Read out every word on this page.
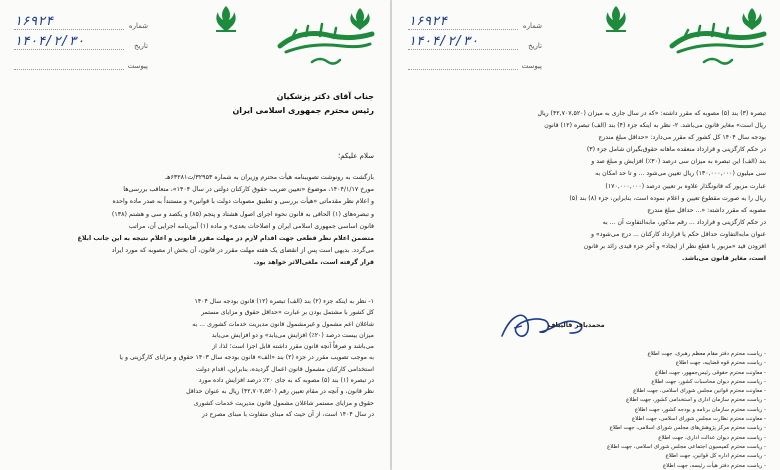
شماره
۱۶۹۲۴
تاریخ
۱۴۰۴/۲/۳۰
پیوست
جناب آقای دکتر پزشکیان
رئیس محترم جمهوری اسلامی ایران
سلام علیکم؛
بازگشت به رونوشت تصویبنامه هیأت محترم وزیران به شماره ۳۲۹۵۳/ت۶۳۲۸۱هـ
مورخ ۱۴۰۴/۱/۱۷، موضوع «تعیین ضریب حقوق کارکنان دولتی در سال ۱۴۰۴»، متعاقب بررسی‌ها
و اعلام نظر مقدماتی «هیأت بررسی و تطبیق مصوبات دولت با قوانین» و مستنداً به صدر ماده واحده
و تبصره‌های (۱) الحاقی به قانون نحوه اجرای اصول هشتاد و پنجم (۸۵) و یکصد و سی و هشتم (۱۳۸)
قانون اساسی جمهوری اسلامی ایران و اصلاحات بعدی» و ماده (۱) آیین‌نامه اجرایی آن، مراتب
متضمن اعلام نظر قطعی جهت اقدام لازم در مهلت مقرر قانونی و اعلام نتیجه به این جانب ابلاغ
می‌گردد. بدیهی است پس از انقضای یک هفته مهلت مقرر در قانون، آن بخش از مصوبه که مورد ایراد
قرار گرفته است، ملغی‌الاثر خواهد بود.
۱- نظر به اینکه جزء (۲) بند (الف) تبصره (۱۲) قانون بودجه سال ۱۴۰۴
کل کشور با مشتمل بودن بر عبارت «حداقل حقوق و مزایای مستمر
شاغلان اعم مشمول و غیرمشمول قانون مدیریت خدمات کشوری ... به
میزان بیست درصد (۲۰٪) افزایش می‌یابد» و دو افزایش می‌یابد
می‌باشد و صرفاً آنچه قانون مقرر داشته قابل اجرا است؛ لذا، از
به موجب تصویب مقرر در جزء (۲) بند «الف» قانون بودجه سال ۱۴۰۳ حقوق و مزایای کارگزینی و یا
استخدامی کارکنان مشمول قانون اعمال گردیده، بنابراین، اقدام دولت
در تبصره (۱) بند (۵) مصوبه که به جای ۲۰٪ درصد افزایش داده مورد
نظر قانون، و آنچه در مقام تعیین رقم (۴۲,۷۰۷,۵۲۰) ریال به عنوان حداقل
حقوق و مزایای مستمر شاغلان مشمول قانون مدیریت خدمات کشوری
در سال ۱۴۰۴ است، از آن حیث که مبنای متفاوت با مبنای مصرح در
شماره
۱۶۹۲۴
تاریخ
۱۴۰۴/۲/۳۰
پیوست
تبصره (۳) بند (۵) مصوبه که مقرر داشته: «که در سال جاری به میزان (۴۲,۷۰۷,۵۲۰) ریال
ریال است» مغایر قانون می‌باشد. ۲- نظر به اینکه جزء (۴) بند (الف) تبصره (۱۲) قانون
بودجه سال ۱۴۰۴ کل کشور که مقرر می‌دارد: «حداقل مبلغ مندرج
در حکم کارگزینی و قرارداد منعقده ماهانه حقوق‌بگیران شامل جزء (۳)
بند (الف) این تبصره به میزان سی درصد (۳۰٪) افزایش و مبلغ صد و
سی میلیون (۱۳۰,۰۰۰,۰۰۰) ریال تعیین می‌شود ... و تا حد امکان به
عبارت مزبور که قانونگذار علاوه بر تعیین درصد (۱۷۰,۰۰۰,۰۰۰)
ریال را به صورت مقطوع تعیین و اعلام نموده است، بنابراین، جزء (۸) بند (۵)
مصوبه که مقرر داشته: «... حداقل مبلغ مندرج
در حکم کارگزینی و قرارداد ... رقم مذکور، مابه‌التفاوت آن ... به
عنوان مابه‌التفاوت حداقل حکم یا قرارداد کارکنان ... درج می‌شود» و
افزودن قید «مزبور با قطع نظر از ایجاد» و آخر جزء قیدی زائد بر قانون
است، مغایر قانون می‌باشد.
محمدباقر قالیباف
- ریاست محترم دفتر مقام معظم رهبری، جهت اطلاع
- ریاست محترم قوه قضاییه، جهت اطلاع
- معاونت محترم حقوقی رئیس‌جمهور، جهت اطلاع
- ریاست محترم دیوان محاسبات کشور، جهت اطلاع
- معاونت محترم قوانین مجلس شورای اسلامی، جهت اطلاع
- ریاست محترم سازمان اداری و استخدامی کشور، جهت اطلاع
- ریاست محترم سازمان برنامه و بودجه کشور، جهت اطلاع
- معاونت محترم نظارت مجلس شورای اسلامی، جهت اطلاع
- ریاست محترم مرکز پژوهش‌های مجلس شورای اسلامی، جهت اطلاع
- ریاست محترم دیوان عدالت اداری، جهت اطلاع
- ریاست محترم کمیسیون اجتماعی مجلس شورای اسلامی، جهت اطلاع
- ریاست محترم اداره کل قوانین، جهت اطلاع
- ریاست محترم دفتر هیأت رئیسه، جهت اطلاع
